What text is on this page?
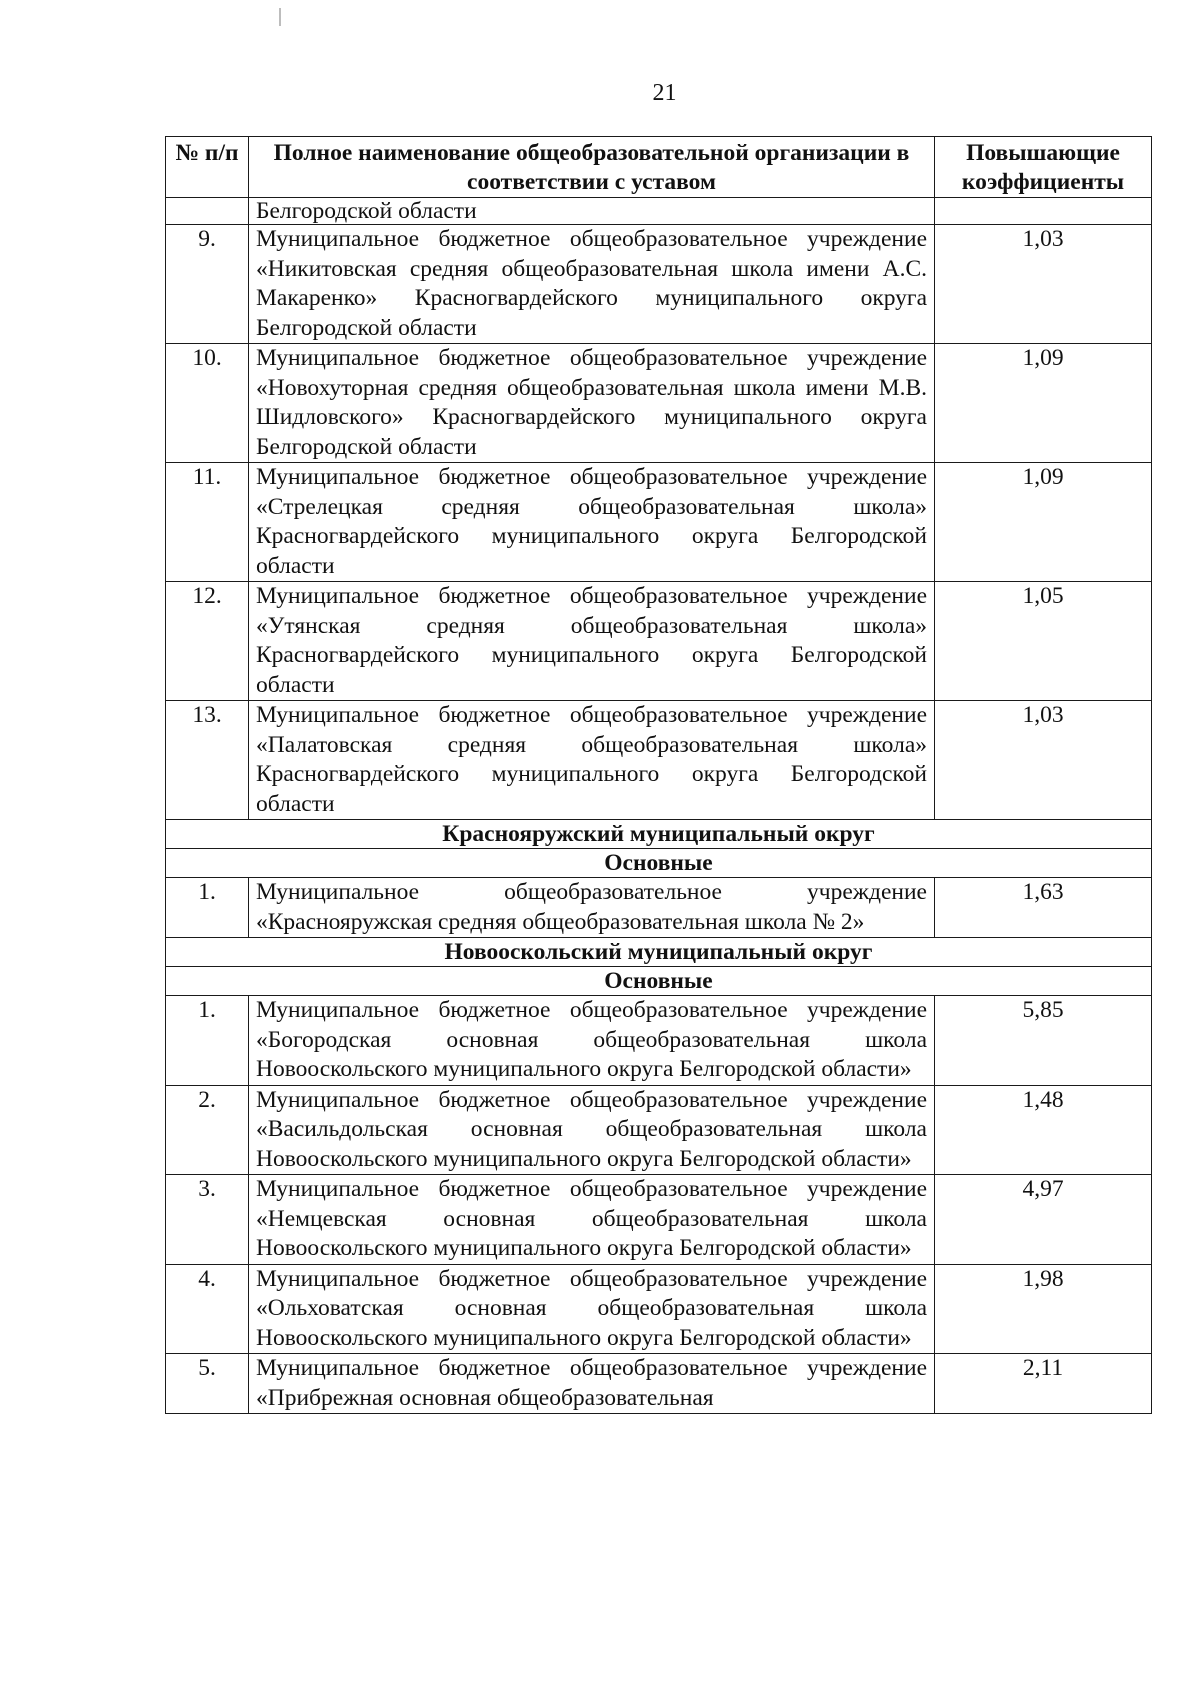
21
№ п/п	Полное наименование общеобразовательной организации в соответствии с уставом	Повышающие коэффициенты
	Белгородской области	
9.	Муниципальное бюджетное общеобразовательное учреждение «Никитовская средняя общеобразовательная школа имени А.С. Макаренко» Красногвардейского муниципального округа Белгородской области	1,03
10.	Муниципальное бюджетное общеобразовательное учреждение «Новохуторная средняя общеобразовательная школа имени М.В. Шидловского» Красногвардейского муниципального округа Белгородской области	1,09
11.	Муниципальное бюджетное общеобразовательное учреждение «Стрелецкая средняя общеобразовательная школа» Красногвардейского муниципального округа Белгородской области	1,09
12.	Муниципальное бюджетное общеобразовательное учреждение «Утянская средняя общеобразовательная школа» Красногвардейского муниципального округа Белгородской области	1,05
13.	Муниципальное бюджетное общеобразовательное учреждение «Палатовская средняя общеобразовательная школа» Красногвардейского муниципального округа Белгородской области	1,03
Краснояружский муниципальный округ		
Основные		
1.	Муниципальное общеобразовательное учреждение «Краснояружская средняя общеобразовательная школа № 2»	1,63
Новооскольский муниципальный округ		
Основные		
1.	Муниципальное бюджетное общеобразовательное учреждение «Богородская основная общеобразовательная школа Новооскольского муниципального округа Белгородской области»	5,85
2.	Муниципальное бюджетное общеобразовательное учреждение «Васильдольская основная общеобразовательная школа Новооскольского муниципального округа Белгородской области»	1,48
3.	Муниципальное бюджетное общеобразовательное учреждение «Немцевская основная общеобразовательная школа Новооскольского муниципального округа Белгородской области»	4,97
4.	Муниципальное бюджетное общеобразовательное учреждение «Ольховатская основная общеобразовательная школа Новооскольского муниципального округа Белгородской области»	1,98
5.	Муниципальное бюджетное общеобразовательное учреждение «Прибрежная основная общеобразовательная	2,11
